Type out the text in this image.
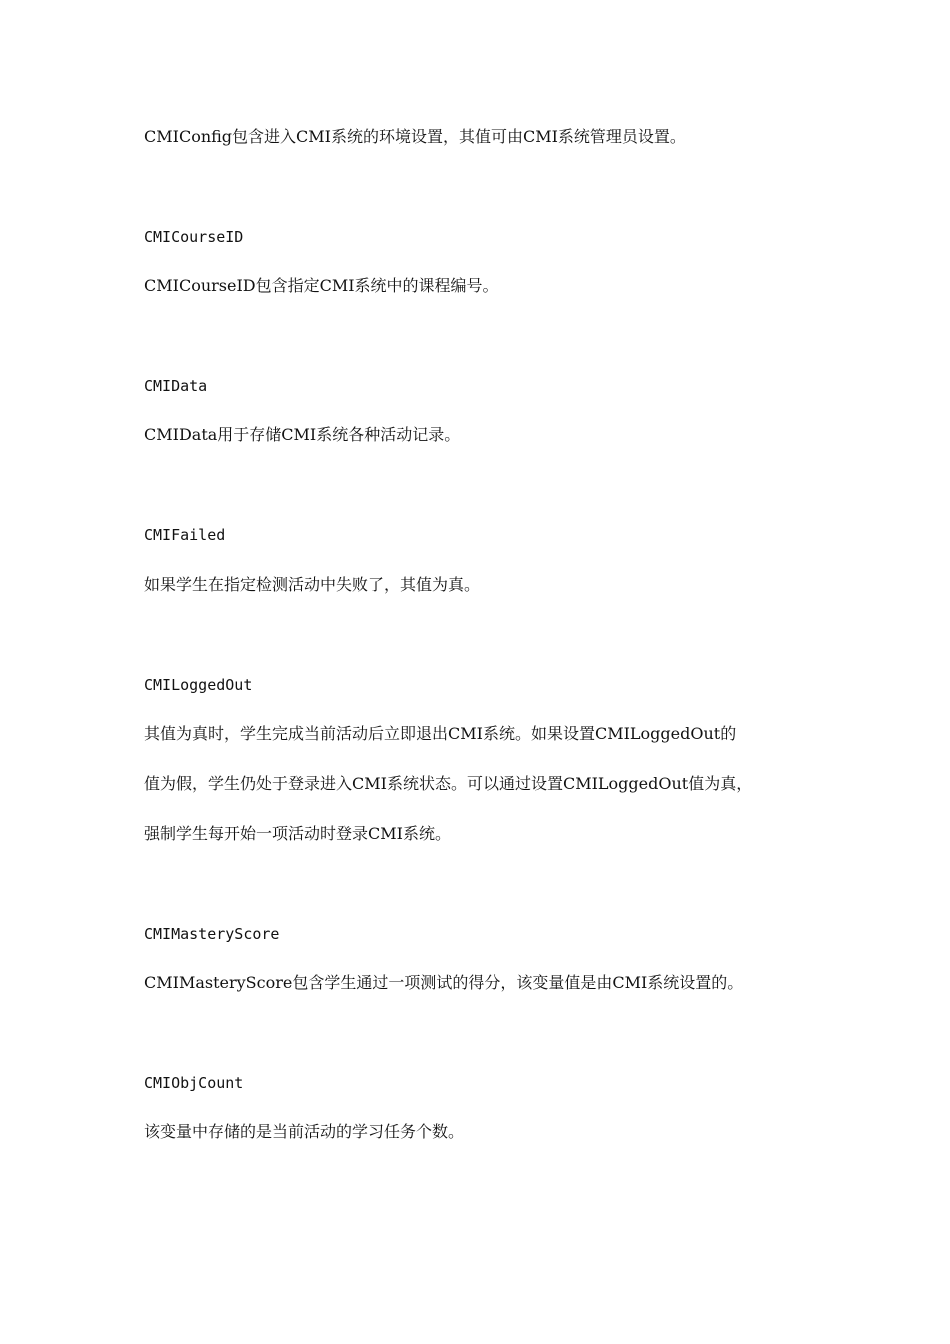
CMIConfig包含进入CMI系统的环境设置，其值可由CMI系统管理员设置。
CMICourseID
CMICourseID包含指定CMI系统中的课程编号。
CMIData
CMIData用于存储CMI系统各种活动记录。
CMIFailed
如果学生在指定检测活动中失败了，其值为真。
CMILoggedOut
其值为真时，学生完成当前活动后立即退出CMI系统。如果设置CMILoggedOut的
值为假，学生仍处于登录进入CMI系统状态。可以通过设置CMILoggedOut值为真，
强制学生每开始一项活动时登录CMI系统。
CMIMasteryScore
CMIMasteryScore包含学生通过一项测试的得分，该变量值是由CMI系统设置的。
CMIObjCount
该变量中存储的是当前活动的学习任务个数。
